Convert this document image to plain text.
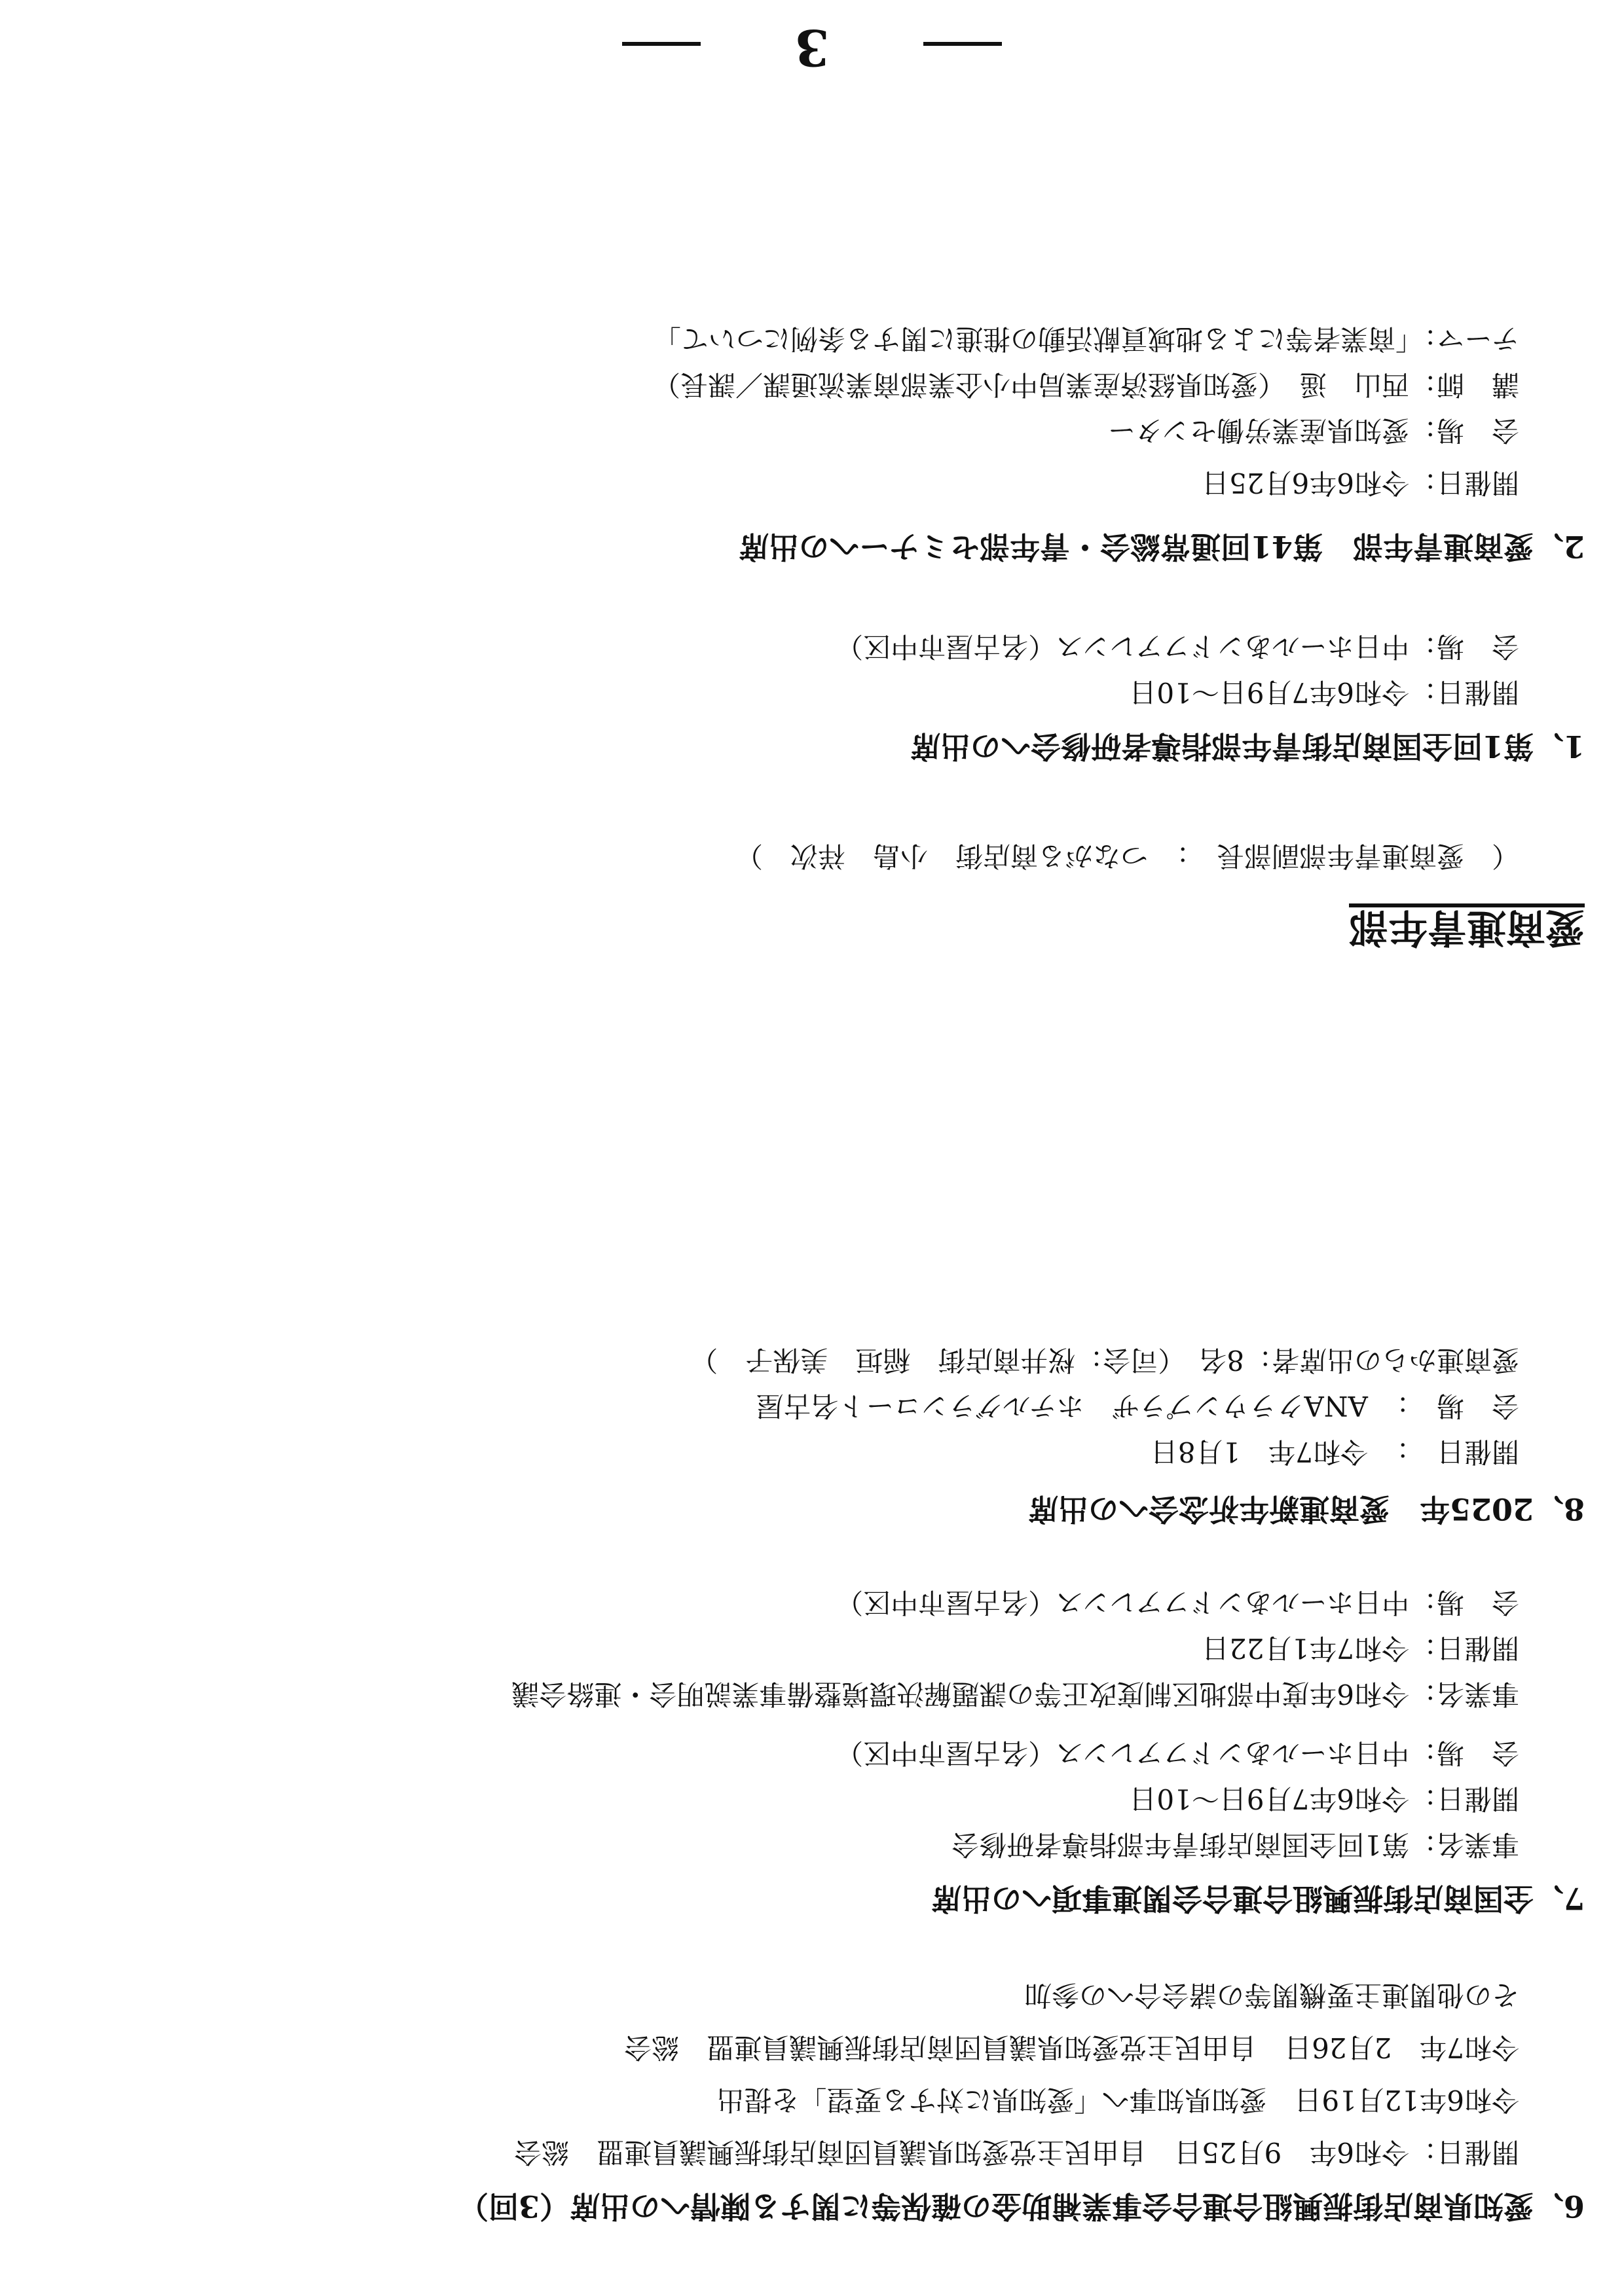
6、愛知県商店街振興組合連合会事業補助金の確保等に関する陳情への出席（3回）
開催日：令和6年　9月25日　自由民主党愛知県議員団商店街振興議員連盟　総会
令和6年12月19日　愛知県知事へ「愛知県に対する要望」を提出
令和7年　2月26日　自由民主党愛知県議員団商店街振興議員連盟　総会
その他関連主要機関等の諸会合への参加
7、全国商店街振興組合連合会関連事項への出席
事業名：第1回全国商店街青年部指導者研修会
開催日：令和6年7月9日～10日
会　場：中日ホールあンドフアレンス（名古屋市中区）
事業名：令和6年度中部地区制度改正等の課題解決環境整備事業説明会・連絡会議
開催日：令和7年1月22日
会　場：中日ホールあンドフアレンス（名古屋市中区）
8、2025年　愛商連新年祈念会への出席
開催日　：　令和7年　1月8日
会　場　：　ANAクラウンプラザ　ホテルグランコート名古屋
愛商連からの出席者：8名　（司会：桜井商店街　稲垣　美保子　）
愛商連青年部
（　愛商連青年部副部長　：　つながる商店街　小島　祥次　）
1、第1回全国商店街青年部指導者研修会への出席
開催日：令和6年7月9日～10日
会　場：中日ホールあンドフアレンス（名古屋市中区）
2、愛商連青年部　第41回通常総会・青年部セミナーへの出席
開催日：令和6年6月25日
会　場：愛知県産業労働センター
講　師：西山　遥　（愛知県経済産業局中小企業部商業流通課／課長）
テーマ：「商業者等による地域貢献活動の推進に関する条例について」
3
